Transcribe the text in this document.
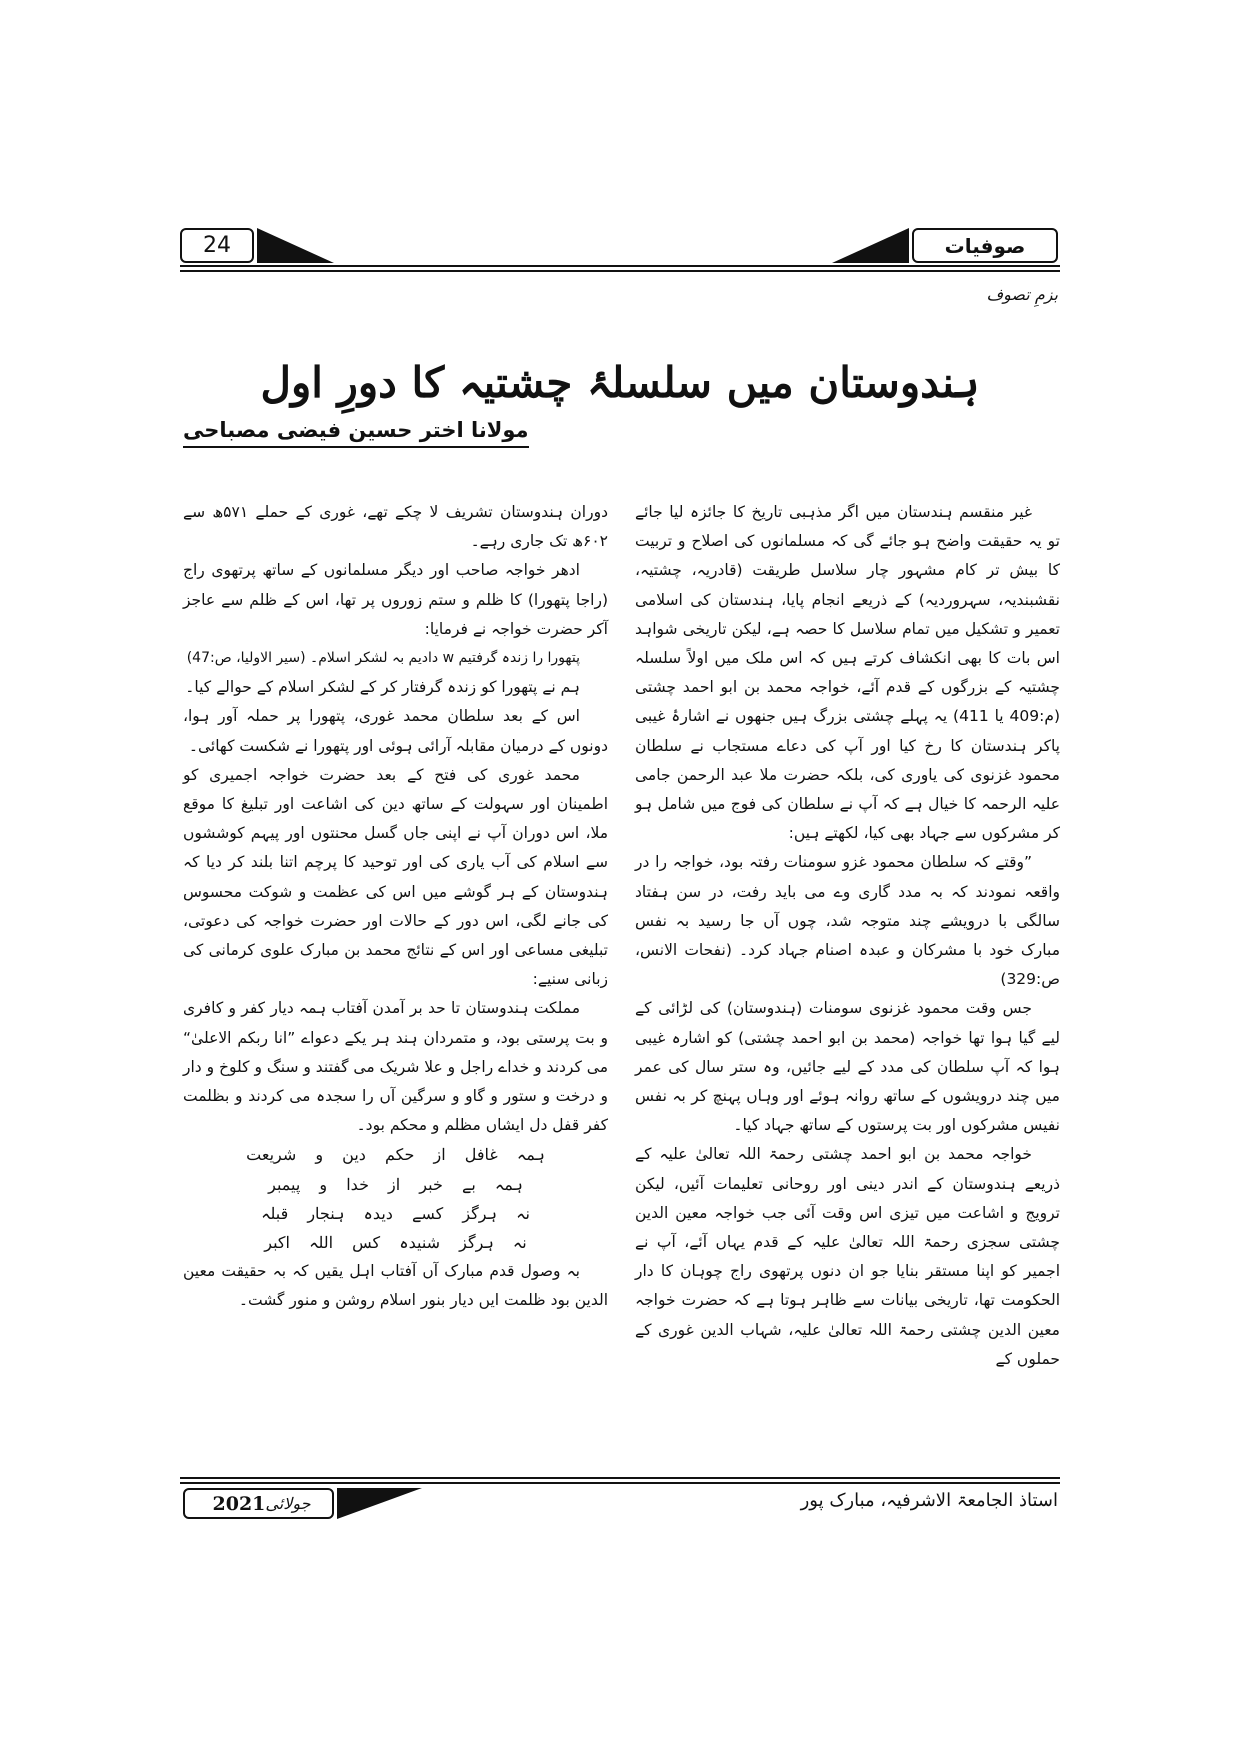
24	صوفیات
بزمِ تصوف
ہندوستان میں سلسلۂ چشتیہ کا دورِ اول
مولانا اختر حسین فیضی مصباحی

غیر منقسم ہندستان میں اگر مذہبی تاریخ کا جائزہ لیا جائے تو یہ حقیقت واضح ہو جائے گی کہ مسلمانوں کی اصلاح و تربیت کا بیش تر کام مشہور چار سلاسل طریقت (قادریہ، چشتیہ، نقشبندیہ، سہروردیہ) کے ذریعے انجام پایا، ہندستان کی اسلامی تعمیر و تشکیل میں تمام سلاسل کا حصہ ہے، لیکن تاریخی شواہد اس بات کا بھی انکشاف کرتے ہیں کہ اس ملک میں اولاً سلسلہ چشتیہ کے بزرگوں کے قدم آئے، خواجہ محمد بن ابو احمد چشتی (م:409 یا 411) یہ پہلے چشتی بزرگ ہیں جنھوں نے اشارۂ غیبی پاکر ہندستان کا رخ کیا اور آپ کی دعاے مستجاب نے سلطان محمود غزنوی کی یاوری کی، بلکہ حضرت ملا عبد الرحمن جامی علیہ الرحمہ کا خیال ہے کہ آپ نے سلطان کی فوج میں شامل ہو کر مشرکوں سے جہاد بھی کیا، لکھتے ہیں:

”وقتے کہ سلطان محمود غزو سومنات رفتہ بود، خواجہ را در واقعہ نمودند کہ بہ مدد گاری وے می باید رفت، در سن ہفتاد سالگی با درویشے چند متوجہ شد، چوں آں جا رسید بہ نفس مبارک خود با مشرکان و عبدہ اصنام جہاد کرد۔ (نفحات الانس، ص:329)

جس وقت محمود غزنوی سومنات (ہندوستان) کی لڑائی کے لیے گیا ہوا تھا خواجہ (محمد بن ابو احمد چشتی) کو اشارہ غیبی ہوا کہ آپ سلطان کی مدد کے لیے جائیں، وہ ستر سال کی عمر میں چند درویشوں کے ساتھ روانہ ہوئے اور وہاں پہنچ کر بہ نفس نفیس مشرکوں اور بت پرستوں کے ساتھ جہاد کیا۔

خواجہ محمد بن ابو احمد چشتی رحمۃ اللہ تعالیٰ علیہ کے ذریعے ہندوستان کے اندر دینی اور روحانی تعلیمات آئیں، لیکن ترویج و اشاعت میں تیزی اس وقت آئی جب خواجہ معین الدین چشتی سجزی رحمۃ اللہ تعالیٰ علیہ کے قدم یہاں آئے، آپ نے اجمیر کو اپنا مستقر بنایا جو ان دنوں پرتھوی راج چوہان کا دار الحکومت تھا، تاریخی بیانات سے ظاہر ہوتا ہے کہ حضرت خواجہ معین الدین چشتی رحمۃ اللہ تعالیٰ علیہ، شہاب الدین غوری کے حملوں کے

دوران ہندوستان تشریف لا چکے تھے، غوری کے حملے ۵۷۱ھ سے ۶۰۲ھ تک جاری رہے۔

ادھر خواجہ صاحب اور دیگر مسلمانوں کے ساتھ پرتھوی راج (راجا پتھورا) کا ظلم و ستم زوروں پر تھا، اس کے ظلم سے عاجز آکر حضرت خواجہ نے فرمایا:

پتھورا را زندہ گرفتیم w دادیم بہ لشکر اسلام۔ (سیر الاولیا، ص:47)

ہم نے پتھورا کو زندہ گرفتار کر کے لشکر اسلام کے حوالے کیا۔

اس کے بعد سلطان محمد غوری، پتھورا پر حملہ آور ہوا، دونوں کے درمیان مقابلہ آرائی ہوئی اور پتھورا نے شکست کھائی۔

محمد غوری کی فتح کے بعد حضرت خواجہ اجمیری کو اطمینان اور سہولت کے ساتھ دین کی اشاعت اور تبلیغ کا موقع ملا، اس دوران آپ نے اپنی جاں گسل محنتوں اور پیہم کوششوں سے اسلام کی آب یاری کی اور توحید کا پرچم اتنا بلند کر دیا کہ ہندوستان کے ہر گوشے میں اس کی عظمت و شوکت محسوس کی جانے لگی، اس دور کے حالات اور حضرت خواجہ کی دعوتی، تبلیغی مساعی اور اس کے نتائج محمد بن مبارک علوی کرمانی کی زبانی سنیے:

مملکت ہندوستان تا حد بر آمدن آفتاب ہمہ دیار کفر و کافری و بت پرستی بود، و متمردان ہند ہر یکے دعواے ”انا ربکم الاعلیٰ“ می کردند و خداے راجل و علا شریک می گفتند و سنگ و کلوخ و دار و درخت و ستور و گاو و سرگین آں را سجدہ می کردند و بظلمت کفر قفل دل ایشاں مظلم و محکم بود۔

ہمہ غافل از حکم دین و شریعت

ہمہ بے خبر از خدا و پیمبر

نہ ہرگز کسے دیدہ ہنجار قبلہ

نہ ہرگز شنیدہ کس اللہ اکبر

بہ وصول قدم مبارک آں آفتاب اہل یقیں کہ بہ حقیقت معین الدین بود ظلمت ایں دیار بنور اسلام روشن و منور گشت۔

جولائی
2021	استاذ الجامعۃ الاشرفیہ، مبارک پور
